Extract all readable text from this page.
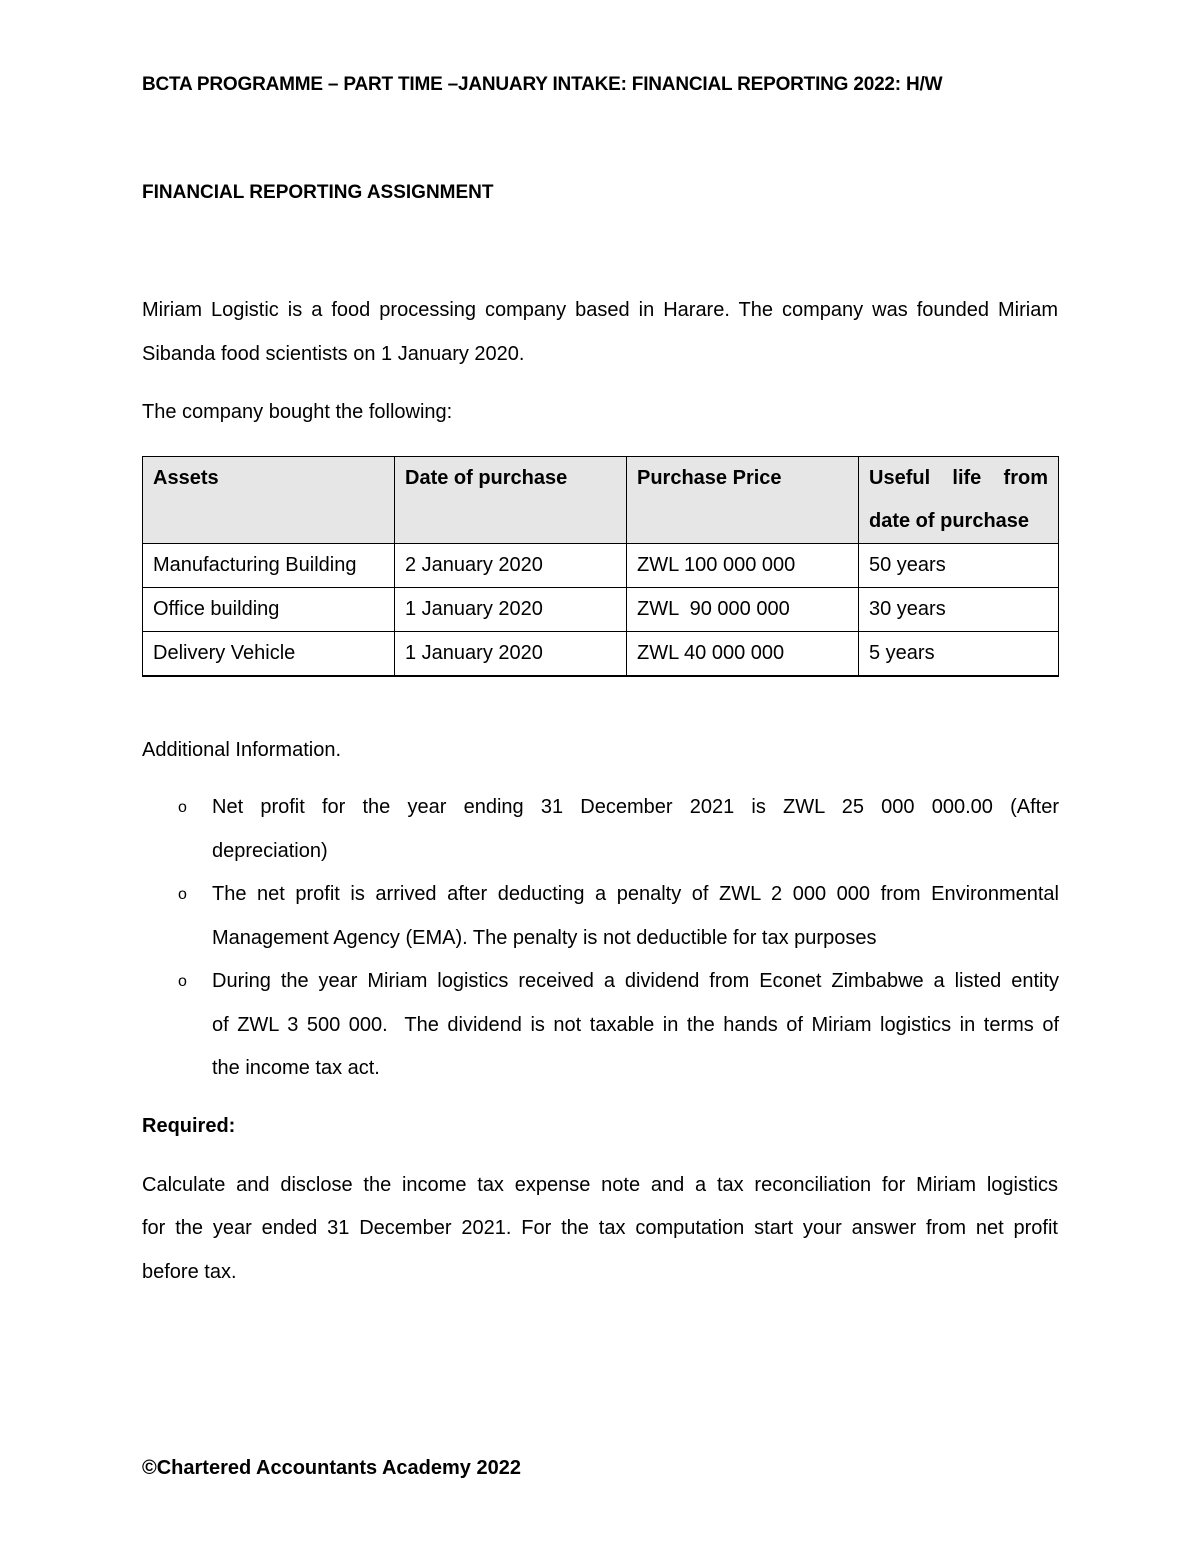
BCTA PROGRAMME – PART TIME –JANUARY INTAKE: FINANCIAL REPORTING 2022: H/W
FINANCIAL REPORTING ASSIGNMENT
Miriam Logistic is a food processing company based in Harare. The company was founded Miriam
Sibanda food scientists on 1 January 2020.
The company bought the following:
Assets	Date of purchase	Purchase Price	Useful life from
date of purchase
Manufacturing Building	2 January 2020	ZWL 100 000 000	50 years
Office building	1 January 2020	ZWL  90 000 000	30 years
Delivery Vehicle	1 January 2020	ZWL 40 000 000	5 years
Additional Information.
o Net profit for the year ending 31 December 2021 is ZWL 25 000 000.00 (After
depreciation)
o The net profit is arrived after deducting a penalty of ZWL 2 000 000 from Environmental
Management Agency (EMA). The penalty is not deductible for tax purposes
o During the year Miriam logistics received a dividend from Econet Zimbabwe a listed entity
of ZWL 3 500 000.  The dividend is not taxable in the hands of Miriam logistics in terms of
the income tax act.
Required:
Calculate and disclose the income tax expense note and a tax reconciliation for Miriam logistics
for the year ended 31 December 2021. For the tax computation start your answer from net profit
before tax.
©Chartered Accountants Academy 2022
